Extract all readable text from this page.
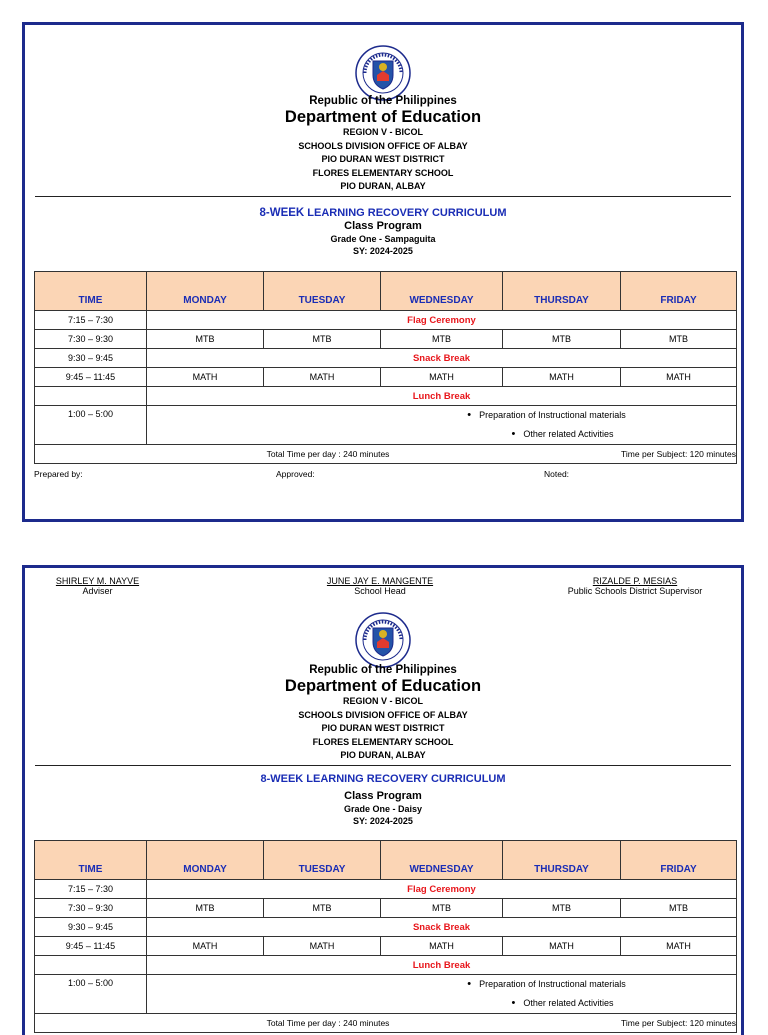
Republic of the Philippines
Department of Education
REGION V - BICOL
SCHOOLS DIVISION OFFICE OF ALBAY
PIO DURAN WEST DISTRICT
FLORES ELEMENTARY SCHOOL
PIO DURAN, ALBAY
8-WEEK LEARNING RECOVERY CURRICULUM
Class Program
Grade One - Sampaguita
SY: 2024-2025
TIME	MONDAY	TUESDAY	WEDNESDAY	THURSDAY	FRIDAY
7:15 – 7:30	Flag Ceremony				
7:30 – 9:30	MTB	MTB	MTB	MTB	MTB
9:30 – 9:45	Snack Break				
9:45 – 11:45	MATH	MATH	MATH	MATH	MATH
	Lunch Break				
1:00 – 5:00	• Preparation of Instructional materials
• Other related Activities				

Total Time per day : 240 minutes Time per Subject: 120 minutes					
Prepared by:	Approved:	Noted:
SHIRLEY M. NAYVE
Adviser
JUNE JAY E. MANGENTE
School Head
RIZALDE P. MESIAS
Public Schools District Supervisor
Republic of the Philippines
Department of Education
REGION V - BICOL
SCHOOLS DIVISION OFFICE OF ALBAY
PIO DURAN WEST DISTRICT
FLORES ELEMENTARY SCHOOL
PIO DURAN, ALBAY
8-WEEK LEARNING RECOVERY CURRICULUM
Class Program
Grade One - Daisy
SY: 2024-2025
TIME	MONDAY	TUESDAY	WEDNESDAY	THURSDAY	FRIDAY
7:15 – 7:30	Flag Ceremony				
7:30 – 9:30	MTB	MTB	MTB	MTB	MTB
9:30 – 9:45	Snack Break				
9:45 – 11:45	MATH	MATH	MATH	MATH	MATH
	Lunch Break				
1:00 – 5:00	• Preparation of Instructional materials
• Other related Activities				

Total Time per day : 240 minutes Time per Subject: 120 minutes					
